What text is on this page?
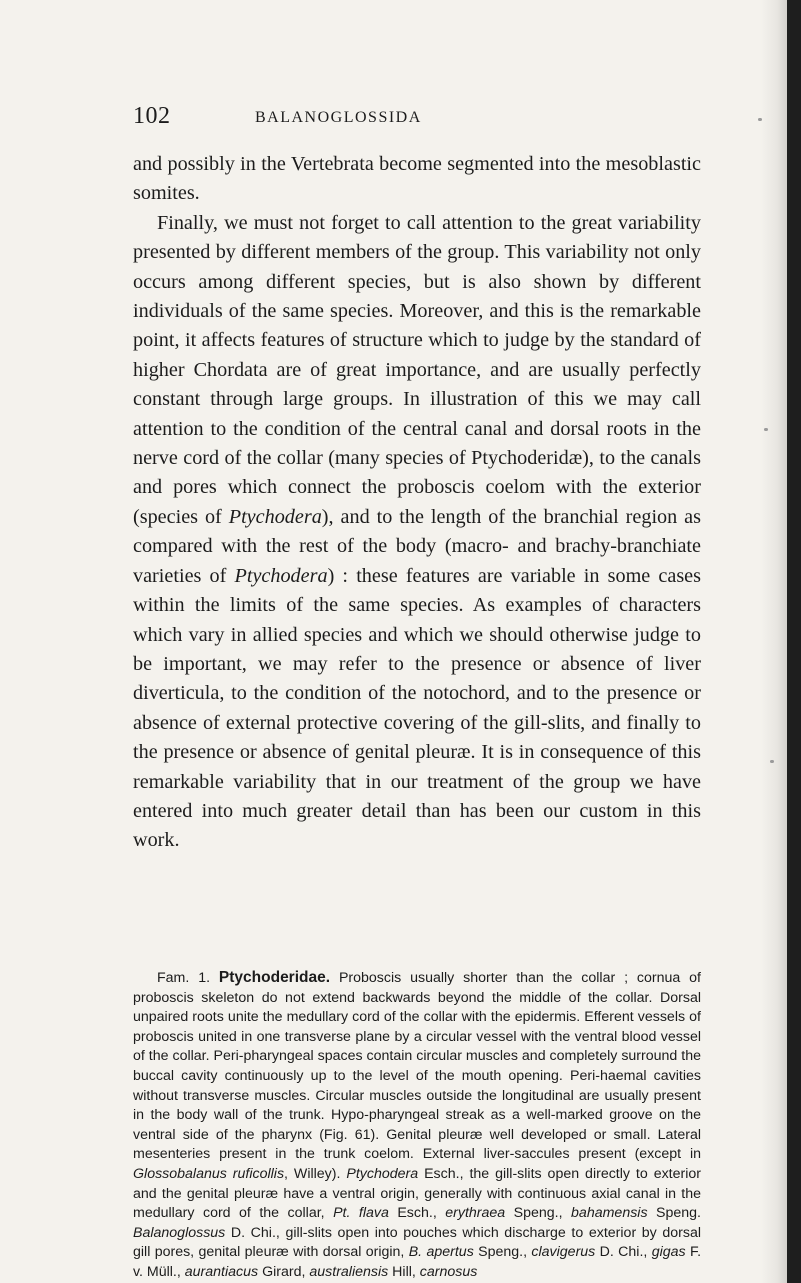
102	BALANOGLOSSIDA

and possibly in the Vertebrata become segmented into the mesoblastic somites.

Finally, we must not forget to call attention to the great variability presented by different members of the group. This variability not only occurs among different species, but is also shown by different individuals of the same species. Moreover, and this is the remarkable point, it affects features of structure which to judge by the standard of higher Chordata are of great importance, and are usually perfectly constant through large groups. In illustration of this we may call attention to the condition of the central canal and dorsal roots in the nerve cord of the collar (many species of Ptychoderidæ), to the canals and pores which connect the proboscis coelom with the exterior (species of Ptychodera), and to the length of the branchial region as compared with the rest of the body (macro- and brachy-branchiate varieties of Ptychodera) : these features are variable in some cases within the limits of the same species. As examples of characters which vary in allied species and which we should otherwise judge to be important, we may refer to the presence or absence of liver diverticula, to the condition of the notochord, and to the presence or absence of external protective covering of the gill-slits, and finally to the presence or absence of genital pleuræ. It is in consequence of this remarkable variability that in our treatment of the group we have entered into much greater detail than has been our custom in this work.

Fam. 1. Ptychoderidae. Proboscis usually shorter than the collar ; cornua of proboscis skeleton do not extend backwards beyond the middle of the collar. Dorsal unpaired roots unite the medullary cord of the collar with the epidermis. Efferent vessels of proboscis united in one transverse plane by a circular vessel with the ventral blood vessel of the collar. Peri-pharyngeal spaces contain circular muscles and completely surround the buccal cavity continuously up to the level of the mouth opening. Peri-haemal cavities without transverse muscles. Circular muscles outside the longitudinal are usually present in the body wall of the trunk. Hypo-pharyngeal streak as a well-marked groove on the ventral side of the pharynx (Fig. 61). Genital pleuræ well developed or small. Lateral mesenteries present in the trunk coelom. External liver-saccules present (except in Glossobalanus ruficollis, Willey). Ptychodera Esch., the gill-slits open directly to exterior and the genital pleuræ have a ventral origin, generally with continuous axial canal in the medullary cord of the collar, Pt. flava Esch., erythraea Speng., bahamensis Speng. Balanoglossus D. Chi., gill-slits open into pouches which discharge to exterior by dorsal gill pores, genital pleuræ with dorsal origin, B. apertus Speng., clavigerus D. Chi., gigas F. v. Müll., aurantiacus Girard, australiensis Hill, carnosus
